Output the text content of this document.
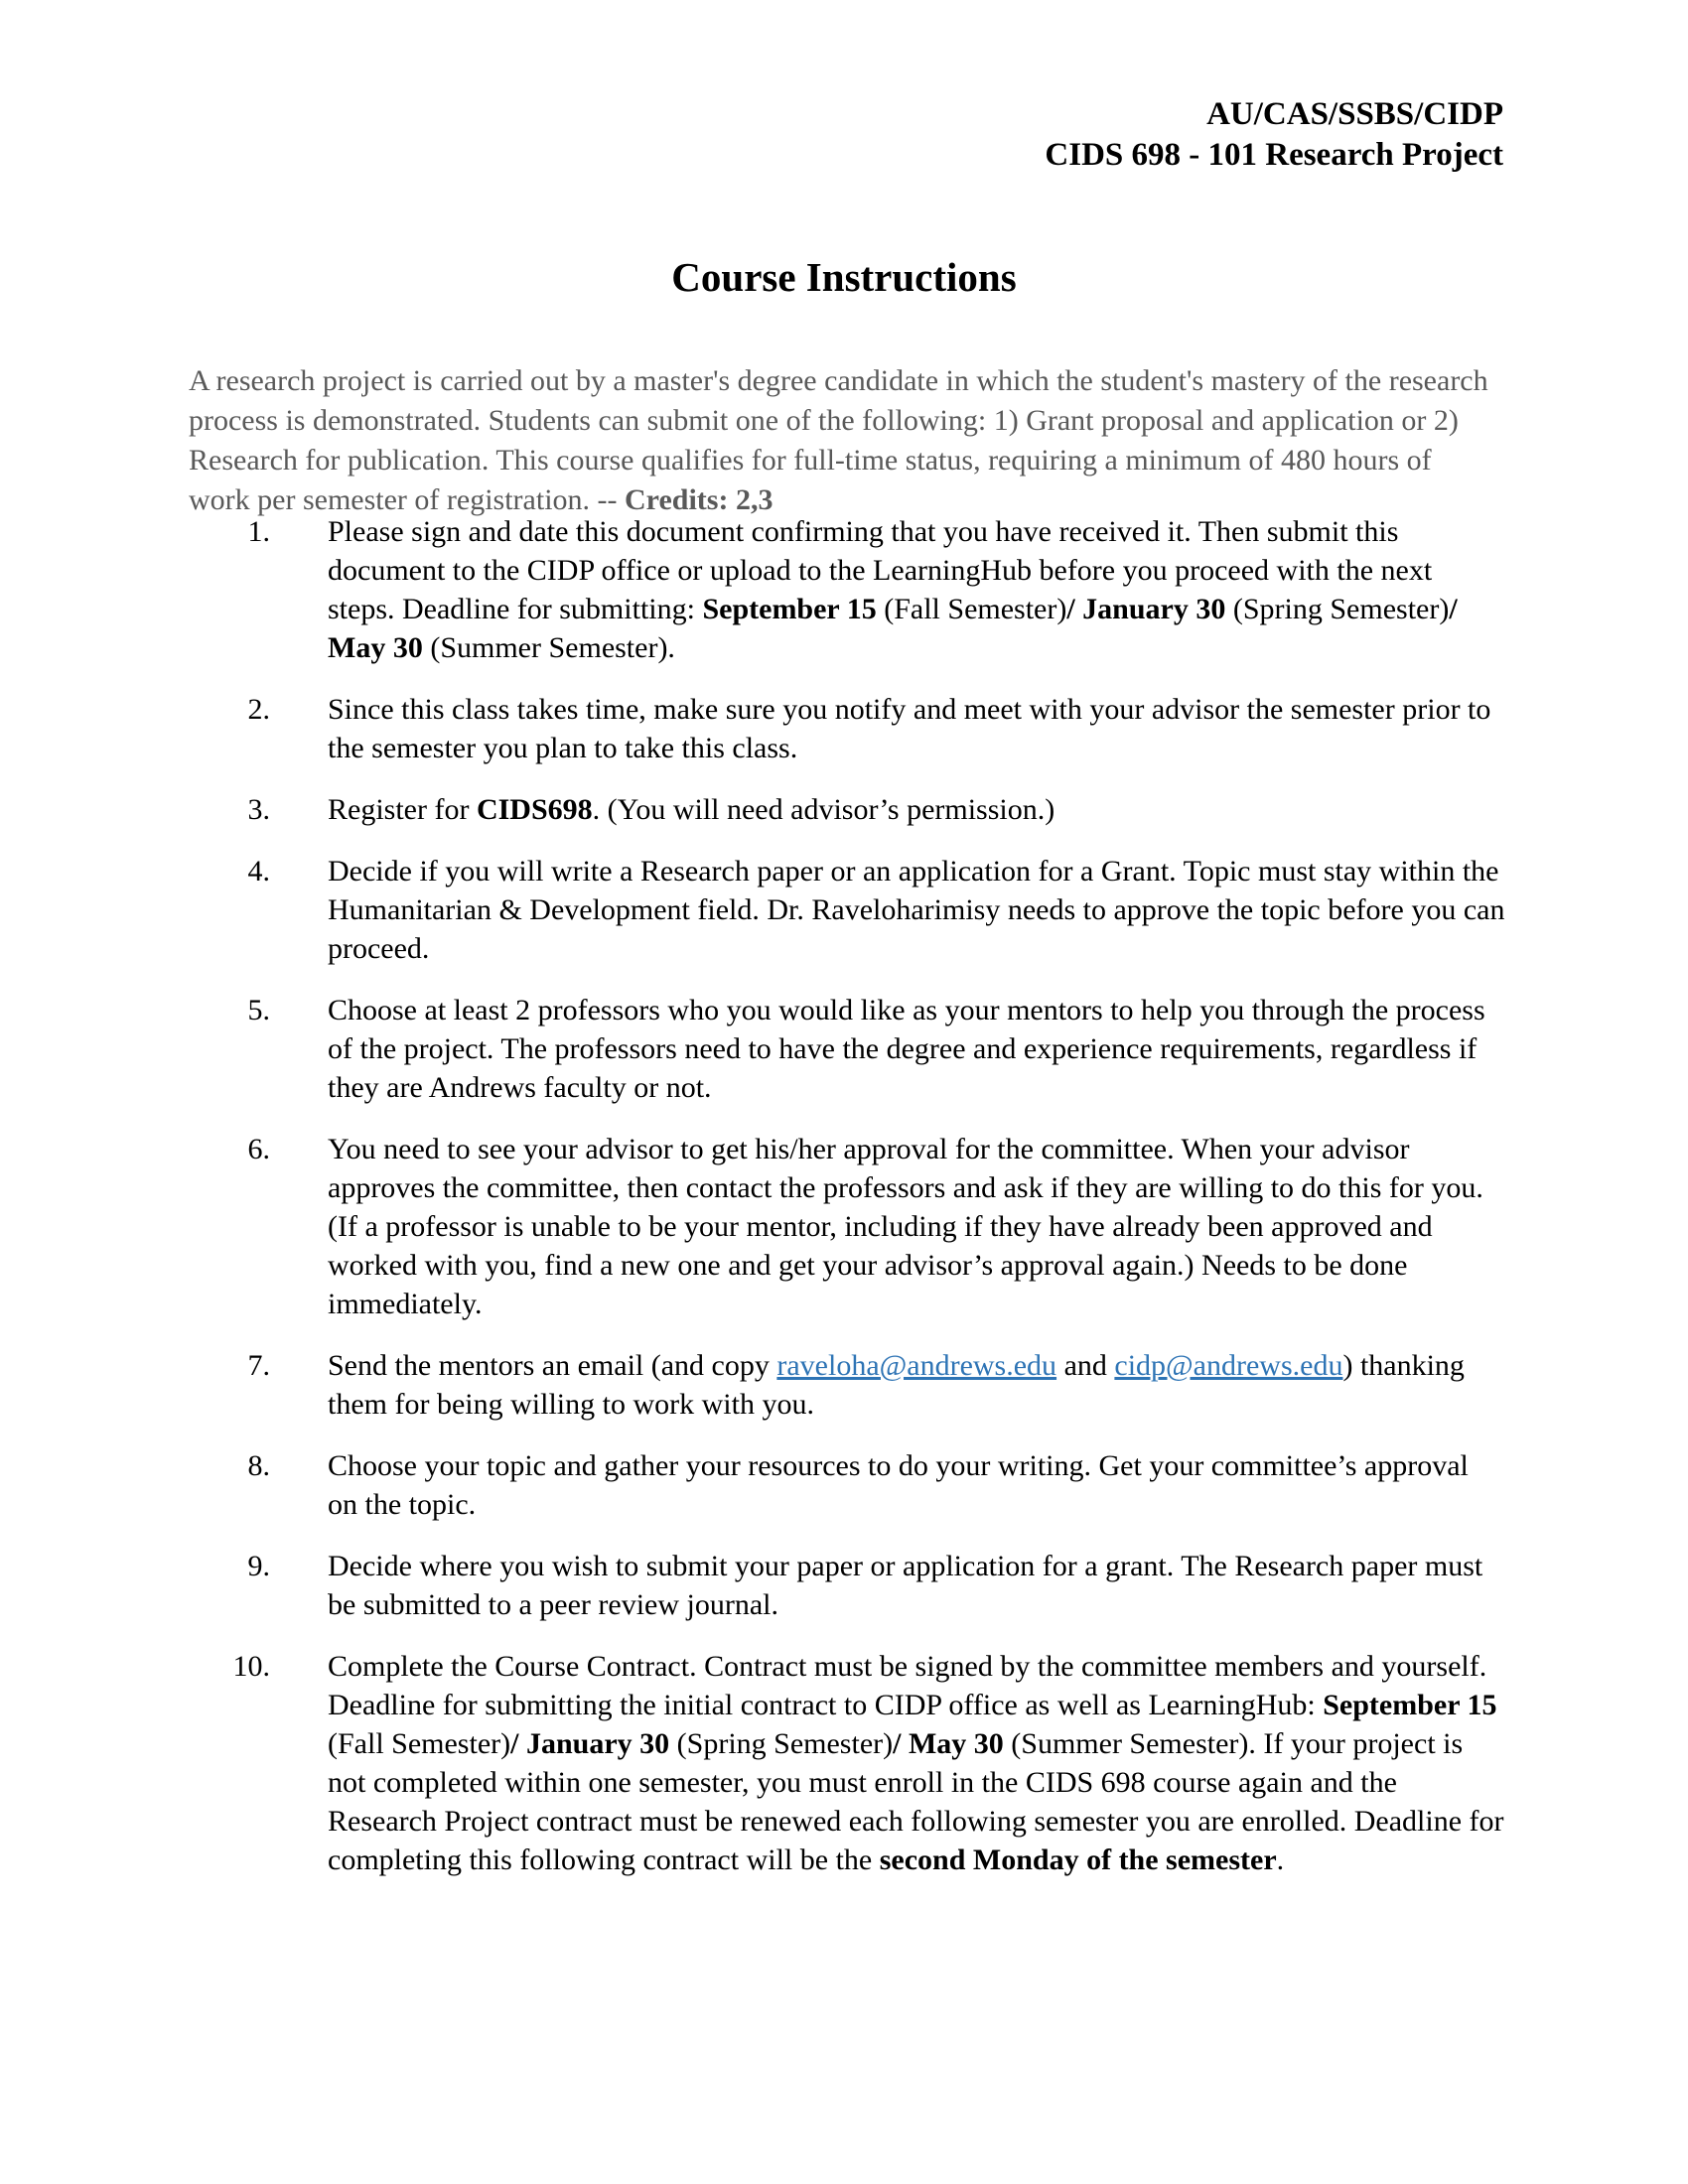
AU/CAS/SSBS/CIDP
CIDS 698 - 101 Research Project
Course Instructions

A research project is carried out by a master's degree candidate in which the student's mastery of the research process is demonstrated. Students can submit one of the following: 1) Grant proposal and application or 2) Research for publication. This course qualifies for full-time status, requiring a minimum of 480 hours of work per semester of registration. -- Credits: 2,3

1. Please sign and date this document confirming that you have received it. Then submit this document to the CIDP office or upload to the LearningHub before you proceed with the next steps. Deadline for submitting: September 15 (Fall Semester)/ January 30 (Spring Semester)/ May 30 (Summer Semester).
2. Since this class takes time, make sure you notify and meet with your advisor the semester prior to the semester you plan to take this class.
3. Register for CIDS698. (You will need advisor’s permission.)
4. Decide if you will write a Research paper or an application for a Grant. Topic must stay within the Humanitarian & Development field. Dr. Raveloharimisy needs to approve the topic before you can proceed.
5. Choose at least 2 professors who you would like as your mentors to help you through the process of the project. The professors need to have the degree and experience requirements, regardless if they are Andrews faculty or not.
6. You need to see your advisor to get his/her approval for the committee. When your advisor approves the committee, then contact the professors and ask if they are willing to do this for you. (If a professor is unable to be your mentor, including if they have already been approved and worked with you, find a new one and get your advisor’s approval again.) Needs to be done immediately.
7. Send the mentors an email (and copy raveloha@andrews.edu and cidp@andrews.edu) thanking them for being willing to work with you.
8. Choose your topic and gather your resources to do your writing. Get your committee’s approval on the topic.
9. Decide where you wish to submit your paper or application for a grant. The Research paper must be submitted to a peer review journal.
10. Complete the Course Contract. Contract must be signed by the committee members and yourself. Deadline for submitting the initial contract to CIDP office as well as LearningHub: September 15 (Fall Semester)/ January 30 (Spring Semester)/ May 30 (Summer Semester). If your project is not completed within one semester, you must enroll in the CIDS 698 course again and the Research Project contract must be renewed each following semester you are enrolled. Deadline for completing this following contract will be the second Monday of the semester.
